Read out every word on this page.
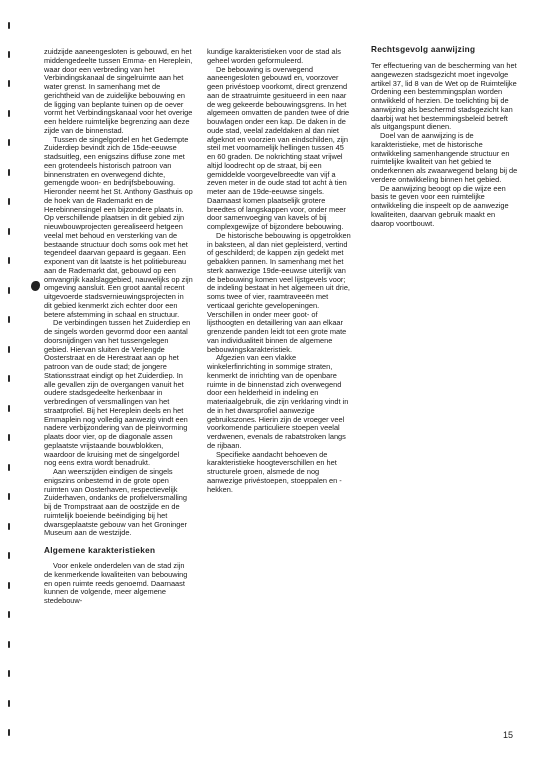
zuidzijde aaneengesloten is gebouwd, en het middengedeelte tussen Emma- en Hereplein, waar door een verbreding van het Verbindingskanaal de singelruimte aan het water grenst. In samenhang met de gerichtheid van de zuidelijke bebouwing en de ligging van beplante tuinen op de oever vormt het Verbindingskanaal voor het overige een heldere ruimtelijke begrenzing aan deze zijde van de binnenstad.

Tussen de singelgordel en het Gedempte Zuiderdiep bevindt zich de 15de-eeuwse stadsuitleg, een enigszins diffuse zone met een grotendeels historisch patroon van binnenstraten en overwegend dichte, gemengde woon- en bedrijfsbebouwing. Hieronder neemt het St. Anthony Gasthuis op de hoek van de Rademarkt en de Herebinnensingel een bijzondere plaats in. Op verschillende plaatsen in dit gebied zijn nieuwbouwprojecten gerealiseerd hetgeen veelal met behoud en versterking van de bestaande structuur doch soms ook met het tegendeel daarvan gepaard is gegaan. Een exponent van dit laatste is het politiebureau aan de Rademarkt dat, gebouwd op een omvangrijk kaalslaggebied, nauwelijks op zijn omgeving aansluit. Een groot aantal recent uitgevoerde stadsvernieuwingsprojecten in dit gebied kenmerkt zich echter door een betere afstemming in schaal en structuur.

De verbindingen tussen het Zuiderdiep en de singels worden gevormd door een aantal doorsnijdingen van het tussengelegen gebied. Hiervan sluiten de Verlengde Oosterstraat en de Herestraat aan op het patroon van de oude stad; de jongere Stationsstraat eindigt op het Zuiderdiep. In alle gevallen zijn de overgangen vanuit het oudere stadsgedeelte herkenbaar in verbredingen of versmallingen van het straatprofiel. Bij het Hereplein deels en het Emmaplein nog volledig aanwezig vindt een nadere verbijzondering van de pleinvorming plaats door vier, op de diagonale assen geplaatste vrijstaande bouwblokken, waardoor de kruising met de singelgordel nog eens extra wordt benadrukt.

Aan weerszijden eindigen de singels enigszins onbestemd in de grote open ruimten van Oosterhaven, respectievelijk Zuiderhaven, ondanks de profielversmalling bij de Trompstraat aan de oostzijde en de ruimtelijk boeiende beëindiging bij het dwarsgeplaatste gebouw van het Groninger Museum aan de westzijde.

Algemene karakteristieken

Voor enkele onderdelen van de stad zijn de kenmerkende kwaliteiten van bebouwing en open ruimte reeds genoemd. Daarnaast kunnen de volgende, meer algemene stedebouw-

kundige karakteristieken voor de stad als geheel worden geformuleerd.

De bebouwing is overwegend aaneengesloten gebouwd en, voorzover geen privéstoep voorkomt, direct grenzend aan de straatruimte gesitueerd in een naar de weg gekeerde bebouwingsgrens. In het algemeen omvatten de panden twee of drie bouwlagen onder een kap. De daken in de oude stad, veelal zadeldaken al dan niet afgeknot en voorzien van eindschilden, zijn steil met voornamelijk hellingen tussen 45 en 60 graden. De nokrichting staat vrijwel altijd loodrecht op de straat, bij een gemiddelde voorgevelbreedte van vijf a zeven meter in de oude stad tot acht à tien meter aan de 19de-eeuwse singels. Daarnaast komen plaatselijk grotere breedtes of langskappen voor, onder meer door samenvoeging van kavels of bij complexgewijze of bijzondere bebouwing.

De historische bebouwing is opgetrokken in baksteen, al dan niet gepleisterd, vertind of geschilderd; de kappen zijn gedekt met gebakken pannen. In samenhang met het sterk aanwezige 19de-eeuwse uiterlijk van de bebouwing komen veel lijstgevels voor; de indeling bestaat in het algemeen uit drie, soms twee of vier, raamtraveeën met verticaal gerichte gevelopeningen. Verschillen in onder meer goot- of lijsthoogten en detaillering van aan elkaar grenzende panden leidt tot een grote mate van individualiteit binnen de algemene bebouwingskarakteristiek.

Afgezien van een vlakke winkelerfinrichting in sommige straten, kenmerkt de inrichting van de openbare ruimte in de binnenstad zich overwegend door een helderheid in indeling en materiaalgebruik, die zijn verklaring vindt in de in het dwarsprofiel aanwezige gebruikszones. Hierin zijn de vroeger veel voorkomende particuliere stoepen veelal verdwenen, evenals de rabatstroken langs de rijbaan.

Specifieke aandacht behoeven de karakteristieke hoogteverschillen en het structurele groen, alsmede de nog aanwezige privéstoepen, stoeppalen en -hekken.

Rechtsgevolg aanwijzing

Ter effectuering van de bescherming van het aangewezen stadsgezicht moet ingevolge artikel 37, lid 8 van de Wet op de Ruimtelijke Ordening een bestemmingsplan worden ontwikkeld of herzien. De toelichting bij de aanwijzing als beschermd stadsgezicht kan daarbij wat het bestemmingsbeleid betreft als uitgangspunt dienen.

Doel van de aanwijzing is de karakteristieke, met de historische ontwikkeling samenhangende structuur en ruimtelijke kwaliteit van het gebied te onderkennen als zwaarwegend belang bij de verdere ontwikkeling binnen het gebied.

De aanwijzing beoogt op die wijze een basis te geven voor een ruimtelijke ontwikkeling die inspeelt op de aanwezige kwaliteiten, daarvan gebruik maakt en daarop voortbouwt.

15
